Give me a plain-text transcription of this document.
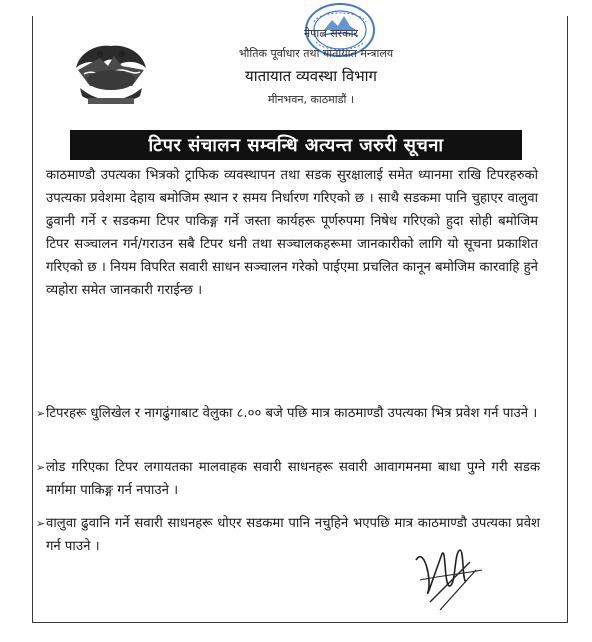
नेपाल सरकार
भौतिक पूर्वाधार तथा यातायात मन्त्रालय
यातायात व्यवस्था विभाग
मीनभवन, काठमाडौं ।
टिपर संचालन सम्वन्धि अत्यन्त जरुरी सूचना
काठमाण्डौ उपत्यका भित्रको ट्राफिक व्यवस्थापन तथा सडक सुरक्षालाई समेत ध्यानमा राखि टिपरहरुको उपत्यका प्रवेशमा देहाय बमोजिम स्थान र समय निर्धारण गरिएको छ । साथै सडकमा पानि चुहाएर वालुवा ढुवानी गर्ने र सडकमा टिपर पाकिङ्ग गर्ने जस्ता कार्यहरू पूर्णरुपमा निषेध गरिएको हुदा सोही बमोजिम टिपर सञ्चालन गर्न/गराउन सबै टिपर धनी तथा सञ्चालकहरूमा जानकारीको लागि यो सूचना प्रकाशित गरिएको छ । नियम विपरित सवारी साधन सञ्चालन गरेको पाईएमा प्रचलित कानून बमोजिम कारवाहि हुने व्यहोरा समेत जानकारी गराईन्छ ।
➢ टिपरहरू धुलिखेल र नागढुंगाबाट वेलुका ८.०० बजे पछि मात्र काठमाण्डौ उपत्यका भित्र प्रवेश गर्न पाउने ।
➢ लोड गरिएका टिपर लगायतका मालवाहक सवारी साधनहरू सवारी आवागमनमा बाधा पुग्ने गरी सडक मार्गमा पाकिङ्ग गर्न नपाउने ।
➢ वालुवा ढुवानि गर्ने सवारी साधनहरू धोएर सडकमा पानि नचुहिने भएपछि मात्र काठमाण्डौ उपत्यका प्रवेश गर्न पाउने ।
